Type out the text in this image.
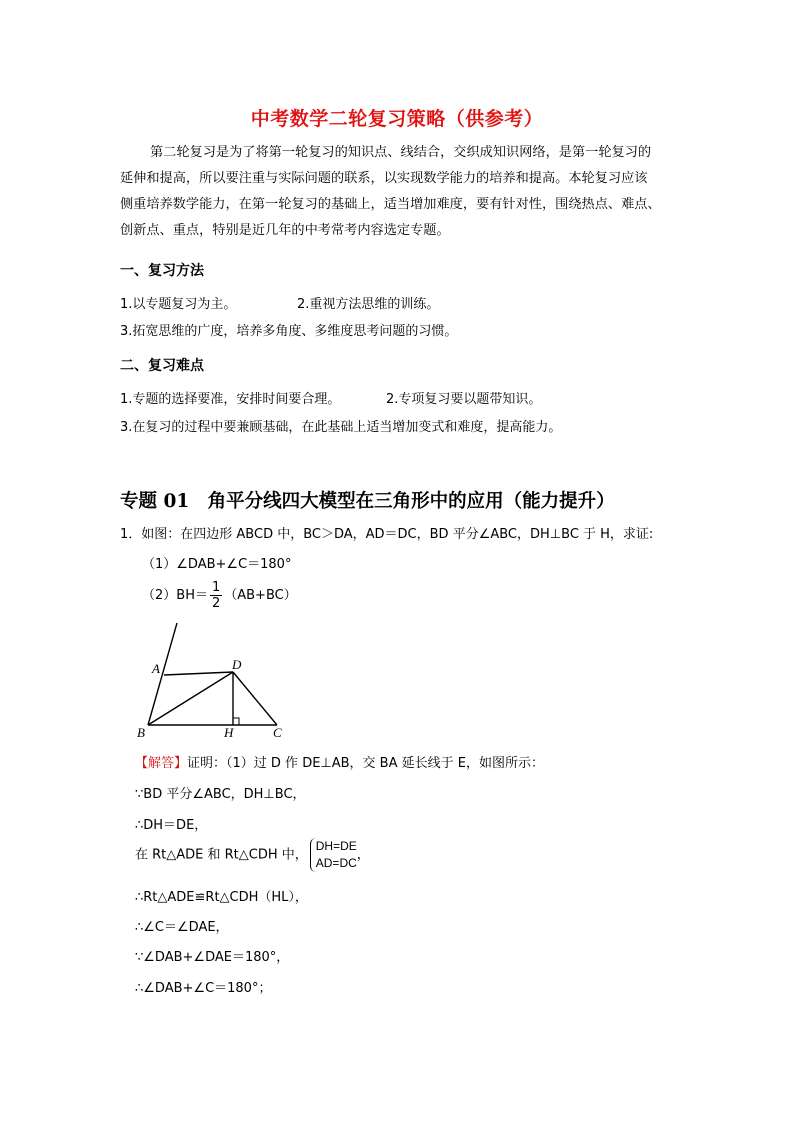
中考数学二轮复习策略（供参考）
第二轮复习是为了将第一轮复习的知识点、线结合，交织成知识网络，是第一轮复习的
延伸和提高，所以要注重与实际问题的联系，以实现数学能力的培养和提高。本轮复习应该
侧重培养数学能力，在第一轮复习的基础上，适当增加难度，要有针对性，围绕热点、难点、
创新点、重点，特别是近几年的中考常考内容选定专题。
一、复习方法
1.以专题复习为主。	2.重视方法思维的训练。
3.拓宽思维的广度，培养多角度、多维度思考问题的习惯。
二、复习难点
1.专题的选择要准，安排时间要合理。	2.专项复习要以题带知识。
3.在复习的过程中要兼顾基础，在此基础上适当增加变式和难度，提高能力。
专题 01　角平分线四大模型在三角形中的应用（能力提升）
1．如图：在四边形 ABCD 中，BC＞DA，AD＝DC，BD 平分∠ABC，DH⊥BC 于 H，求证:
（1）∠DAB+∠C＝180°
$(2)BH= \frac{1}{2} (AB+BC)$
A	D
B	H	C
【解答】证明：（1）过 D 作 DE⊥AB，交 BA 延长线于 E，如图所示：
∵BD 平分∠ABC，DH⊥BC，
∴DH＝DE，
在 Rt△ADE 和 Rt△CDH 中，
DH=DE
AD=DC
，
∴Rt△ADE≌Rt△CDH（HL），
∴∠C＝∠DAE，
∵∠DAB+∠DAE＝180°，
∴∠DAB+∠C＝180°；
